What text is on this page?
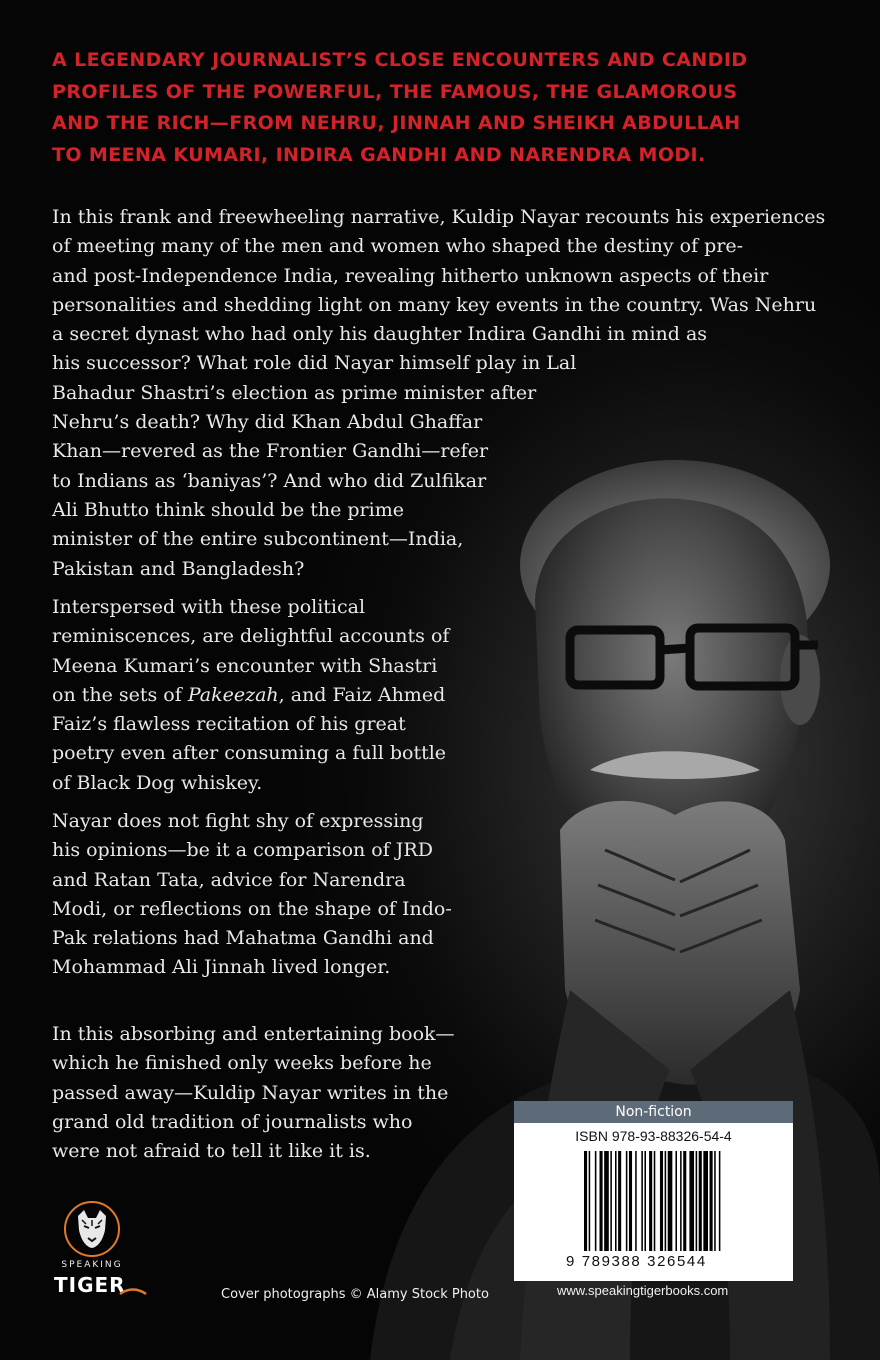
A LEGENDARY JOURNALIST’S CLOSE ENCOUNTERS AND CANDID
PROFILES OF THE POWERFUL, THE FAMOUS, THE GLAMOROUS
AND THE RICH—FROM NEHRU, JINNAH AND SHEIKH ABDULLAH
TO MEENA KUMARI, INDIRA GANDHI AND NARENDRA MODI.
In this frank and freewheeling narrative, Kuldip Nayar recounts his experiences
of meeting many of the men and women who shaped the destiny of pre-
and post-Independence India, revealing hitherto unknown aspects of their
personalities and shedding light on many key events in the country. Was Nehru
a secret dynast who had only his daughter Indira Gandhi in mind as
his successor? What role did Nayar himself play in Lal
Bahadur Shastri’s election as prime minister after
Nehru’s death? Why did Khan Abdul Ghaffar
Khan—revered as the Frontier Gandhi—refer
to Indians as ‘baniyas’? And who did Zulfikar
Ali Bhutto think should be the prime
minister of the entire subcontinent—India,
Pakistan and Bangladesh?
Interspersed with these political
reminiscences, are delightful accounts of
Meena Kumari’s encounter with Shastri
on the sets of Pakeezah, and Faiz Ahmed
Faiz’s flawless recitation of his great
poetry even after consuming a full bottle
of Black Dog whiskey.
Nayar does not fight shy of expressing
his opinions—be it a comparison of JRD
and Ratan Tata, advice for Narendra
Modi, or reflections on the shape of Indo-
Pak relations had Mahatma Gandhi and
Mohammad Ali Jinnah lived longer.
In this absorbing and entertaining book—
which he finished only weeks before he
passed away—Kuldip Nayar writes in the
grand old tradition of journalists who
were not afraid to tell it like it is.
Non-fiction
ISBN 978-93-88326-54-4
9 789388 326544
www.speakingtigerbooks.com
Cover photographs © Alamy Stock Photo
SPEAKING
TIGER
